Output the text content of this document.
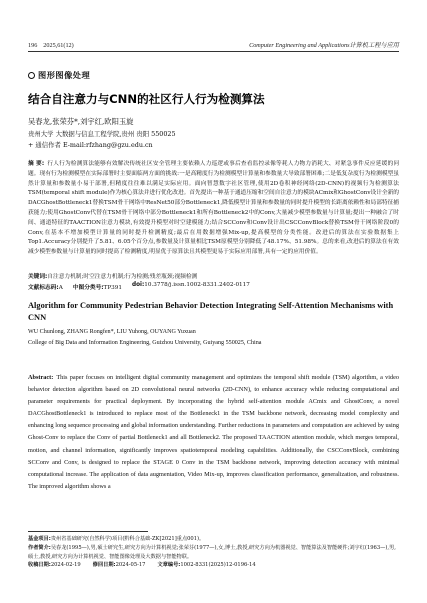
196 2025,61(12)	Computer Engineering and Applications计算机工程与应用
图形图像处理
结合自注意力与CNN的社区行人行为检测算法
吴春龙,张荣芬*,刘宇红,欧阳玉旋
贵州大学 大数据与信息工程学院,贵州 贵阳 550025
+ 通信作者 E-mail:rfzhang@gzu.edu.cn
摘 要: 行人行为检测算法能够有效解决传统社区安全管理主要依赖人力巡逻或事后查看监控录像等耗人力物力消耗大、对紧急事件反应延缓的问题。现有行为检测模型在实际部署时主要面临两方面的挑战:一是高精度行为检测模型计算量和参数量大导致部署困难;二是低复杂度行为检测模型虽然计算量和参数量小易于部署,但精度往往难以满足实际应用。面向智慧数字社区管理,使用2D卷积神经网络(2D-CNN)的视频行为检测算法TSM(temporal shift module)作为核心算法并进行优化改进。首先提出一种基于通道压缩和空间自注意力的模块ACmix和GhostConv设计全新的DACGhostBottleneck1替换TSM骨干网络中ResNet50部分Bottleneck1,降低模型计算量和参数量的同时提升模型的长距离依赖性和局部特征捕获能力;使用GhostConv代替在TSM骨干网络中部分Bottleneck1和所有Bottleneck2中的Conv,大量减少模型参数量与计算量;提出一种融合了时间、通道特征的TAACTION注意力模块,有效提升模型对时空建模能力;结合SCConv和Conv设计出CSCConvBlock替换TSM骨干网络阶段0的Conv,在基本不增加模型计算量的同时提升检测精度;最后在用数据增强Mix-up,提高模型的分类性能。改进后的算法在实验数据集上Top1.Accuracy分别提升了5.81、6.05个百分点,参数量及计算量相比TSM原模型分别降低了48.17%、51.98%。总的来看,改进后的算法在有效减少模型参数量与计算量的同时提高了检测精度,明显优于原算法且其模型更易于实际应用部署,具有一定的应用价值。
关键词:自注意力机制;时空注意力机制;行为检测;残差瓶颈;视频检测
文献标志码:A 中图分类号:TP391 doi:10.3778/j.issn.1002-8331.2402-0117
Algorithm for Community Pedestrian Behavior Detection Integrating Self-Attention Mechanisms with CNN
WU Chunlong, ZHANG Rongfen*, LIU Yuhong, OUYANG Yuxuan
College of Big Data and Information Engineering, Guizhou University, Guiyang 550025, China
Abstract: This paper focuses on intelligent digital community management and optimizes the temporal shift module (TSM) algorithm, a video behavior detection algorithm based on 2D convolutional neural networks (2D-CNN), to enhance accuracy while reducing computational and parameter requirements for practical deployment. By incorporating the hybrid self-attention module ACmix and GhostConv, a novel DACGhostBottleneck1 is introduced to replace most of the Bottleneck1 in the TSM backbone network, decreasing model complexity and enhancing long sequence processing and global information understanding. Further reductions in parameters and computation are achieved by using Ghost-Conv to replace the Conv of partial Bottleneck1 and all Bottleneck2. The proposed TAACTION attention module, which merges temporal, motion, and channel information, significantly improves spatiotemporal modeling capabilities. Additionally, the CSCConvBlock, combining SCConv and Conv, is designed to replace the STAGE 0 Conv in the TSM backbone network, improving detection accuracy with minimal computational increase. The application of data augmentation, Video Mix-up, improves classification performance, generalization, and robustness. The improved algorithm shows a
基金项目:贵州省基础研究(自然科学)项目(黔科合基础-ZK[2021]重点001)。
作者简介:吴春龙(1995—),男,硕士研究生,研究方向为计算机视觉;张荣芬(1977—),女,博士,教授,研究方向为机器视觉、智能算法及智能硬件;刘宇红(1963—),男,硕士,教授,研究方向为计算机视觉、智能图像处理及大数据与智能物联。
收稿日期:2024-02-19 修回日期:2024-05-17 文章编号:1002-8331(2025)12-0196-14
